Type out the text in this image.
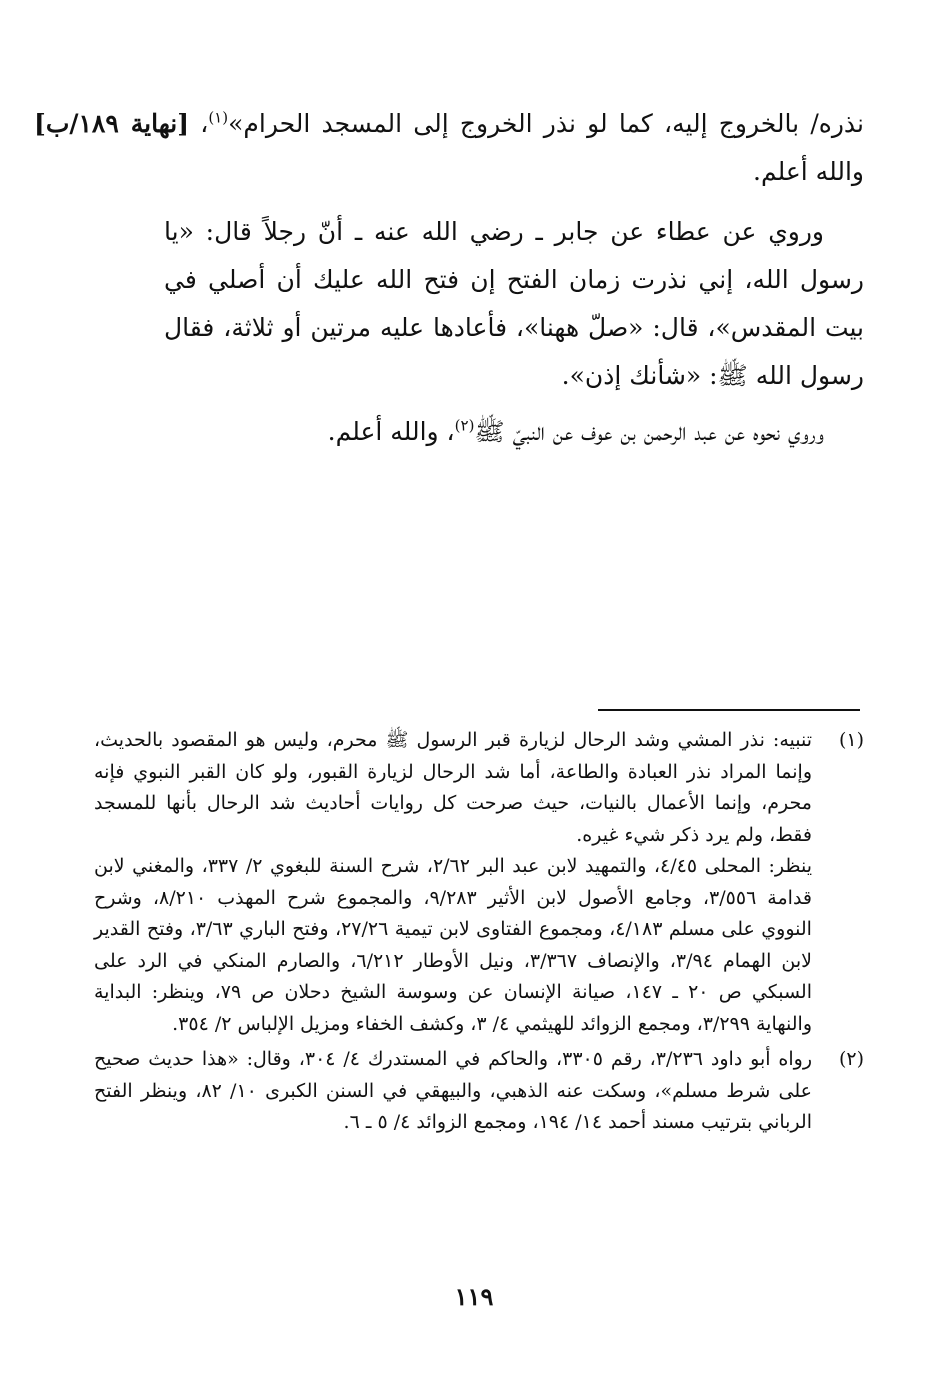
نذره/ بالخروج إليه، كما لو نذر الخروج إلى المسجد الحرام»$^{(١)}$، [نهاية ١٨٩/ب] والله أعلم.

وروي عن عطاء عن جابر ـ رضي الله عنه ـ أنّ رجلاً قال: «يا رسول الله، إني نذرت زمان الفتح إن فتح الله عليك أن أصلي في بيت المقدس»، قال: «صلّ ههنا»، فأعادها عليه مرتين أو ثلاثة، فقال رسول الله ﷺ: «شأنك إذن».

وروي نحوه عن عبد الرحمن بن عوف عن النبيّ ﷺ$^{(٢)}$، والله أعلم.

(١)

تنبيه: نذر المشي وشد الرحال لزيارة قبر الرسول ﷺ محرم، وليس هو المقصود بالحديث، وإنما المراد نذر العبادة والطاعة، أما شد الرحال لزيارة القبور، ولو كان القبر النبوي فإنه محرم، وإنما الأعمال بالنيات، حيث صرحت كل روايات أحاديث شد الرحال بأنها للمسجد فقط، ولم يرد ذكر شيء غيره.

ينظر: المحلى ٤/٤٥، والتمهيد لابن عبد البر ٢/٦٢، شرح السنة للبغوي ٢/ ٣٣٧، والمغني لابن قدامة ٣/٥٥٦، وجامع الأصول لابن الأثير ٩/٢٨٣، والمجموع شرح المهذب ٨/٢١٠، وشرح النووي على مسلم ٤/١٨٣، ومجموع الفتاوى لابن تيمية ٢٧/٢٦، وفتح الباري ٣/٦٣، وفتح القدير لابن الهمام ٣/٩٤، والإنصاف ٣/٣٦٧، ونيل الأوطار ٦/٢١٢، والصارم المنكي في الرد على السبكي ص ٢٠ ـ ١٤٧، صيانة الإنسان عن وسوسة الشيخ دحلان ص ٧٩، وينظر: البداية والنهاية ٣/٢٩٩، ومجمع الزوائد للهيثمي ٤/ ٣، وكشف الخفاء ومزيل الإلباس ٢/ ٣٥٤.

(٢)

رواه أبو داود ٣/٢٣٦، رقم ٣٣٠٥، والحاكم في المستدرك ٤/ ٣٠٤، وقال: «هذا حديث صحيح على شرط مسلم»، وسكت عنه الذهبي، والبيهقي في السنن الكبرى ١٠/ ٨٢، وينظر الفتح الرباني بترتيب مسند أحمد ١٤/ ١٩٤، ومجمع الزوائد ٤/ ٥ ـ ٦.

١١٩
